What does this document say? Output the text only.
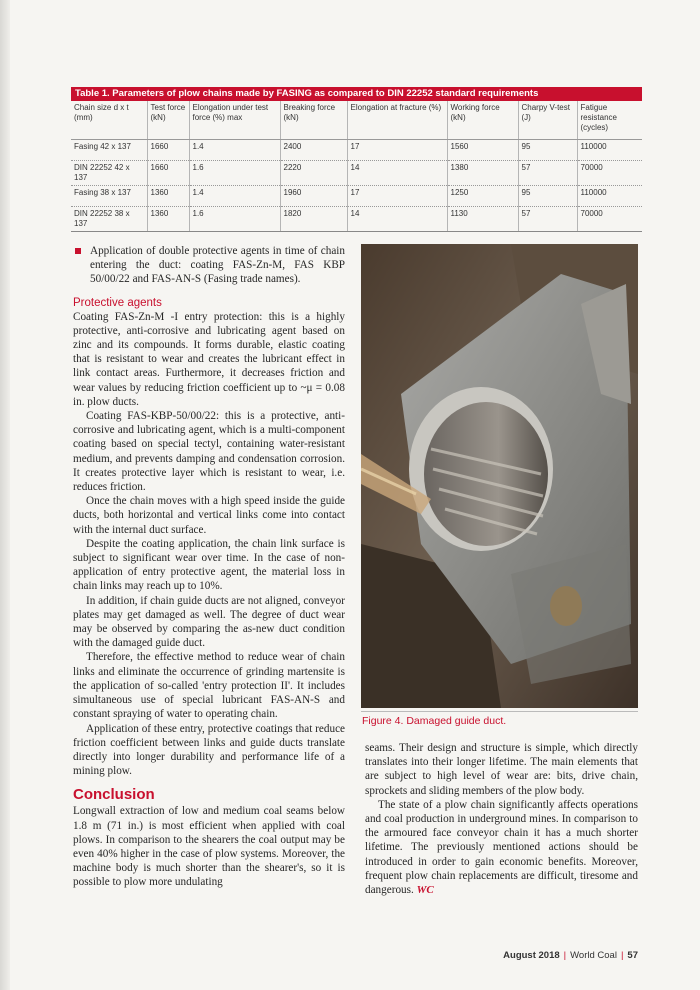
Table 1. Parameters of plow chains made by FASING as compared to DIN 22252 standard requirements
Chain size d x t (mm)	Test force (kN)	Elongation under test force (%) max	Breaking force (kN)	Elongation at fracture (%)	Working force (kN)	Charpy V-test (J)	Fatigue resistance (cycles)
Fasing 42 x 137	1660	1.4	2400	17	1560	95	110000
DIN 22252 42 x 137	1660	1.6	2220	14	1380	57	70000
Fasing 38 x 137	1360	1.4	1960	17	1250	95	110000
DIN 22252 38 x 137	1360	1.6	1820	14	1130	57	70000

Application of double protective agents in time of chain entering the duct: coating FAS-Zn-M, FAS KBP 50/00/22 and FAS-AN-S (Fasing trade names).

Protective agents

Coating FAS-Zn-M -I entry protection: this is a highly protective, anti-corrosive and lubricating agent based on zinc and its compounds. It forms durable, elastic coating that is resistant to wear and creates the lubricant effect in link contact areas. Furthermore, it decreases friction and wear values by reducing friction coefficient up to ~μ = 0.08 in. plow ducts.

Coating FAS-KBP-50/00/22: this is a protective, anti-corrosive and lubricating agent, which is a multi-component coating based on special tectyl, containing water-resistant medium, and prevents damping and condensation corrosion. It creates protective layer which is resistant to wear, i.e. reduces friction.

Once the chain moves with a high speed inside the guide ducts, both horizontal and vertical links come into contact with the internal duct surface.

Despite the coating application, the chain link surface is subject to significant wear over time. In the case of non-application of entry protective agent, the material loss in chain links may reach up to 10%.

In addition, if chain guide ducts are not aligned, conveyor plates may get damaged as well. The degree of duct wear may be observed by comparing the as-new duct condition with the damaged guide duct.

Therefore, the effective method to reduce wear of chain links and eliminate the occurrence of grinding martensite is the application of so-called 'entry protection II'. It includes simultaneous use of special lubricant FAS-AN-S and constant spraying of water to operating chain.

Application of these entry, protective coatings that reduce friction coefficient between links and guide ducts translate directly into longer durability and performance life of a mining plow.

Conclusion

Longwall extraction of low and medium coal seams below 1.8 m (71 in.) is most efficient when applied with coal plows. In comparison to the shearers the coal output may be even 40% higher in the case of plow systems. Moreover, the machine body is much shorter than the shearer's, so it is possible to plow more undulating

Figure 4. Damaged guide duct.

seams. Their design and structure is simple, which directly translates into their longer lifetime. The main elements that are subject to high level of wear are: bits, drive chain, sprockets and sliding members of the plow body.

The state of a plow chain significantly affects operations and coal production in underground mines. In comparison to the armoured face conveyor chain it has a much shorter lifetime. The previously mentioned actions should be introduced in order to gain economic benefits. Moreover, frequent plow chain replacements are difficult, tiresome and dangerous. WC

August 2018 | World Coal | 57
